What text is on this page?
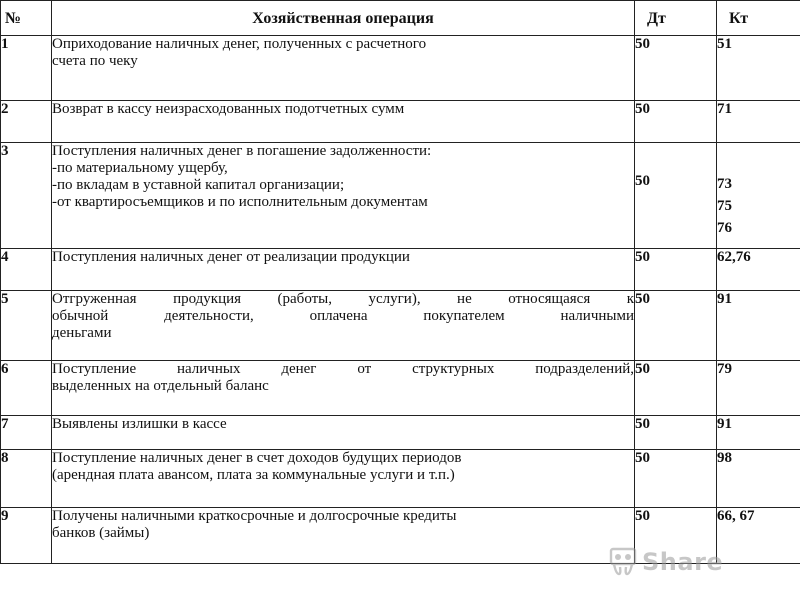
№	Хозяйственная операция	Дт	Кт
1	Оприходование наличных денег, полученных с расчетного
счета по чеку	50	51

2	Возврат в кассу неизрасходованных подотчетных сумм	50	71

3	Поступления наличных денег в погашение задолженности:
-по материальному ущербу,
-по вкладам в уставной капитал организации;
-от квартиросъемщиков и по исполнительным документам	50	73
75
76

4	Поступления наличных денег от реализации продукции	50	62,76

5	Отгруженная продукция (работы, услуги), не относящаяся к
обычной деятельности, оплачена покупателем наличными
деньгами	50	91

6	Поступление наличных денег от структурных подразделений,
выделенных на отдельный баланс	50	79

7	Выявлены излишки в кассе	50	91

8	Поступление наличных денег в счет доходов будущих периодов
(арендная плата авансом, плата за коммунальные услуги и т.п.)	50	98

9	Получены наличными краткосрочные и долгосрочные кредиты
банков (займы)	50	66, 67
Share
